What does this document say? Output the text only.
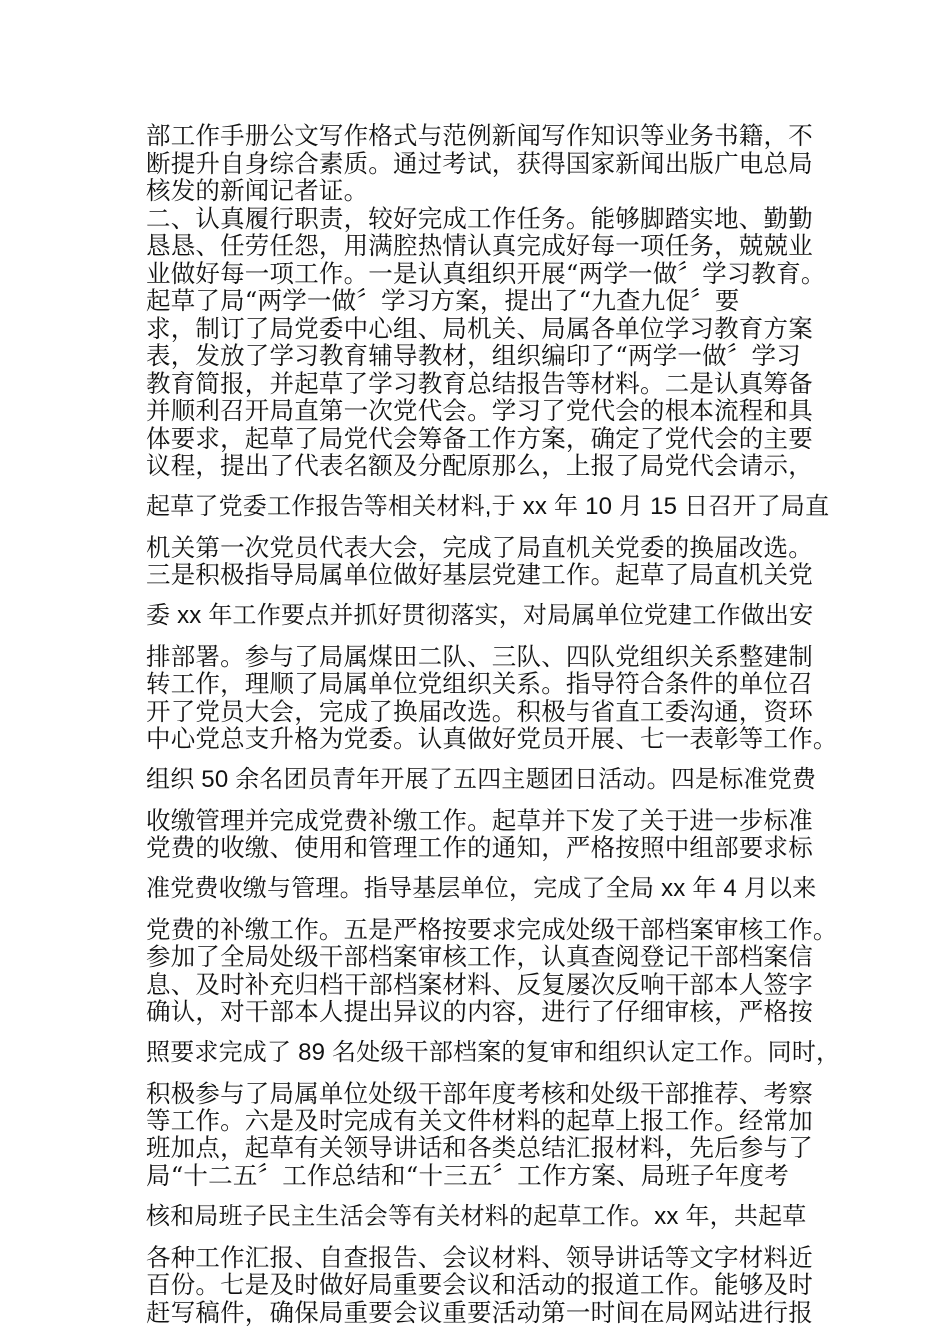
部工作手册公文写作格式与范例新闻写作知识等业务书籍，不
断提升自身综合素质。通过考试，获得国家新闻出版广电总局
核发的新闻记者证。
二、认真履行职责，较好完成工作任务。能够脚踏实地、勤勤
恳恳、任劳任怨，用满腔热情认真完成好每一项任务，兢兢业
业做好每一项工作。一是认真组织开展“两学一做〞学习教育。
起草了局“两学一做〞学习方案，提出了“九查九促〞要
求，制订了局党委中心组、局机关、局属各单位学习教育方案
表，发放了学习教育辅导教材，组织编印了“两学一做〞学习
教育简报，并起草了学习教育总结报告等材料。二是认真筹备
并顺利召开局直第一次党代会。学习了党代会的根本流程和具
体要求，起草了局党代会筹备工作方案，确定了党代会的主要
议程，提出了代表名额及分配原那么，上报了局党代会请示，
起草了党委工作报告等相关材料,于 xx 年 10 月 15 日召开了局直
机关第一次党员代表大会，完成了局直机关党委的换届改选。
三是积极指导局属单位做好基层党建工作。起草了局直机关党
委 xx 年工作要点并抓好贯彻落实，对局属单位党建工作做出安
排部署。参与了局属煤田二队、三队、四队党组织关系整建制
转工作，理顺了局属单位党组织关系。指导符合条件的单位召
开了党员大会，完成了换届改选。积极与省直工委沟通，资环
中心党总支升格为党委。认真做好党员开展、七一表彰等工作。
组织 50 余名团员青年开展了五四主题团日活动。四是标准党费
收缴管理并完成党费补缴工作。起草并下发了关于进一步标准
党费的收缴、使用和管理工作的通知，严格按照中组部要求标
准党费收缴与管理。指导基层单位，完成了全局 xx 年 4 月以来
党费的补缴工作。五是严格按要求完成处级干部档案审核工作。
参加了全局处级干部档案审核工作，认真查阅登记干部档案信
息、及时补充归档干部档案材料、反复屡次反响干部本人签字
确认，对干部本人提出异议的内容，进行了仔细审核，严格按
照要求完成了 89 名处级干部档案的复审和组织认定工作。同时，
积极参与了局属单位处级干部年度考核和处级干部推荐、考察
等工作。六是及时完成有关文件材料的起草上报工作。经常加
班加点，起草有关领导讲话和各类总结汇报材料，先后参与了
局“十二五〞工作总结和“十三五〞工作方案、局班子年度考
核和局班子民主生活会等有关材料的起草工作。xx 年，共起草
各种工作汇报、自查报告、会议材料、领导讲话等文字材料近
百份。七是及时做好局重要会议和活动的报道工作。能够及时
赶写稿件，确保局重要会议重要活动第一时间在局网站进行报
